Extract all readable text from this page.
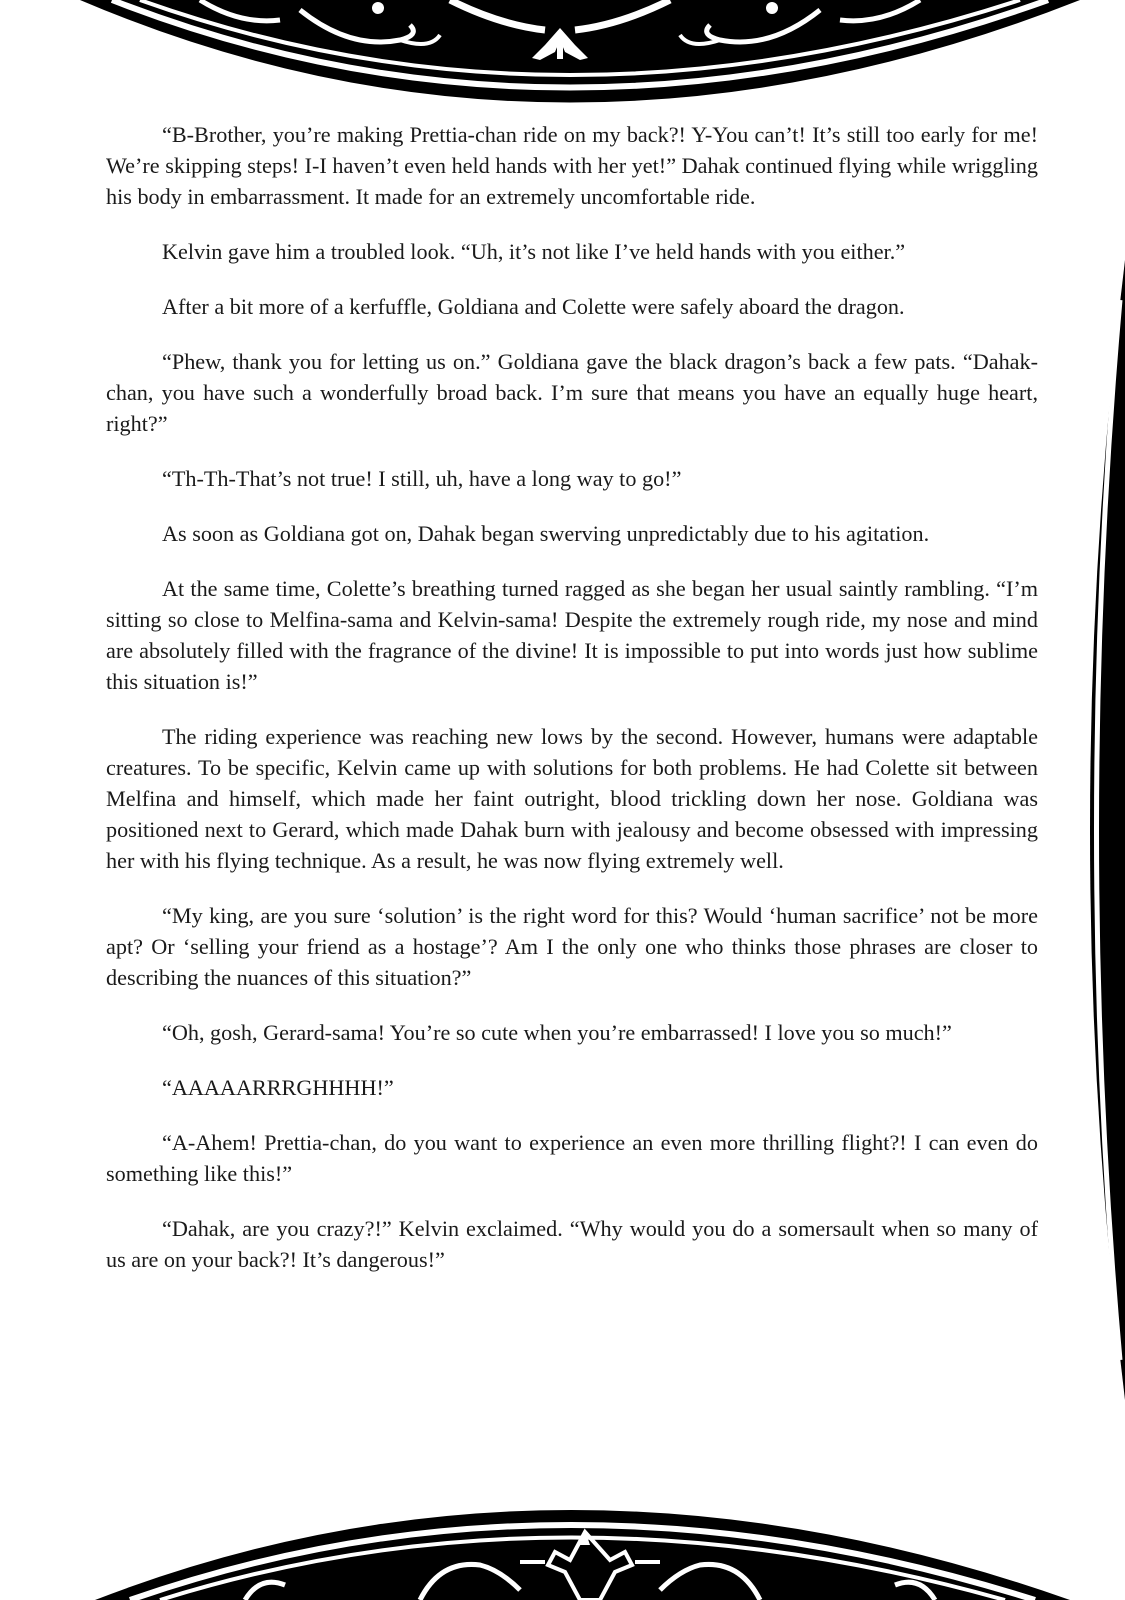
“B-Brother, you’re making Prettia-chan ride on my back?! Y-You can’t! It’s still too early for me! We’re skipping steps! I-I haven’t even held hands with her yet!” Dahak continued flying while wriggling his body in embarrassment. It made for an extremely uncomfortable ride.

Kelvin gave him a troubled look. “Uh, it’s not like I’ve held hands with you either.”

After a bit more of a kerfuffle, Goldiana and Colette were safely aboard the dragon.

“Phew, thank you for letting us on.” Goldiana gave the black dragon’s back a few pats. “Dahak-chan, you have such a wonderfully broad back. I’m sure that means you have an equally huge heart, right?”

“Th-Th-That’s not true! I still, uh, have a long way to go!”

As soon as Goldiana got on, Dahak began swerving unpredictably due to his agitation.

At the same time, Colette’s breathing turned ragged as she began her usual saintly rambling. “I’m sitting so close to Melfina-sama and Kelvin-sama! Despite the extremely rough ride, my nose and mind are absolutely filled with the fragrance of the divine! It is impossible to put into words just how sublime this situation is!”

The riding experience was reaching new lows by the second. However, humans were adaptable creatures. To be specific, Kelvin came up with solutions for both problems. He had Colette sit between Melfina and himself, which made her faint outright, blood trickling down her nose. Goldiana was positioned next to Gerard, which made Dahak burn with jealousy and become obsessed with impressing her with his flying technique. As a result, he was now flying extremely well.

“My king, are you sure ‘solution’ is the right word for this? Would ‘human sacrifice’ not be more apt? Or ‘selling your friend as a hostage’? Am I the only one who thinks those phrases are closer to describing the nuances of this situation?”

“Oh, gosh, Gerard-sama! You’re so cute when you’re embarrassed! I love you so much!”

“AAAAARRRGHHHH!”

“A-Ahem! Prettia-chan, do you want to experience an even more thrilling flight?! I can even do something like this!”

“Dahak, are you crazy?!” Kelvin exclaimed. “Why would you do a somersault when so many of us are on your back?! It’s dangerous!”
